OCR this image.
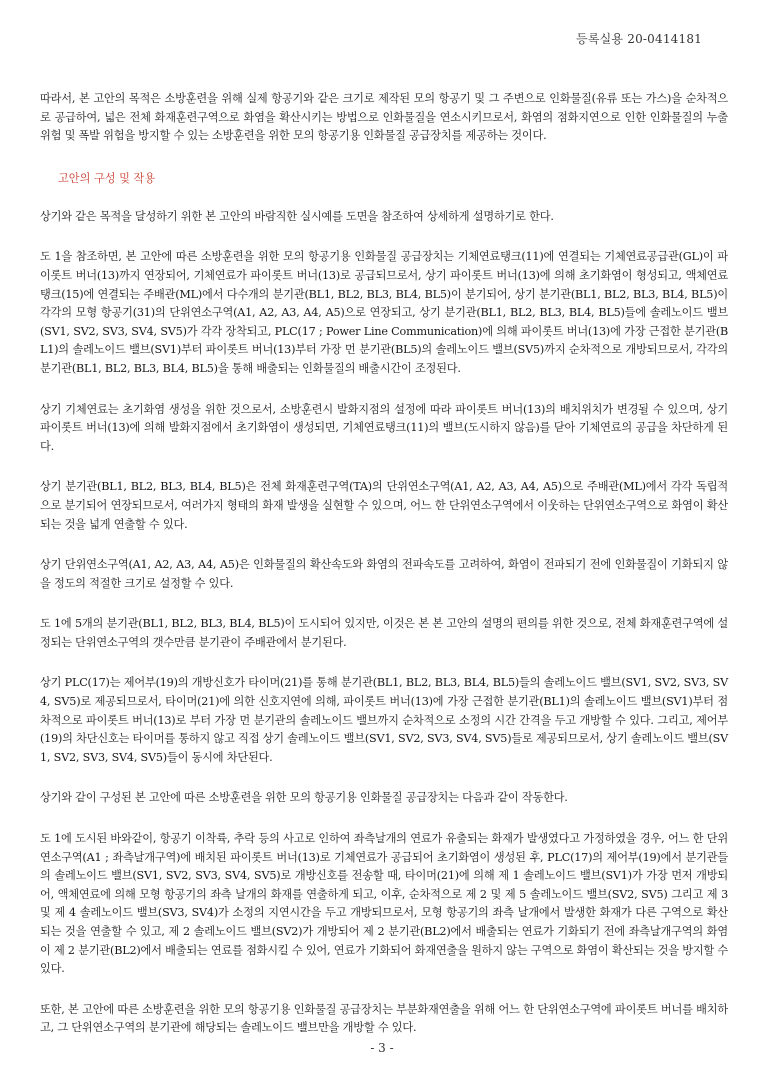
등록실용 20-0414181

따라서, 본 고안의 목적은 소방훈련을 위해 실제 항공기와 같은 크기로 제작된 모의 항공기 및 그 주변으로 인화물질(유류 또는 가스)을 순차적으로 공급하여, 넓은 전체 화재훈련구역으로 화염을 확산시키는 방법으로 인화물질을 연소시키므로서, 화염의 점화지연으로 인한 인화물질의 누출 위험 및 폭발 위험을 방지할 수 있는 소방훈련을 위한 모의 항공기용 인화물질 공급장치를 제공하는 것이다.

고안의 구성 및 작용

상기와 같은 목적을 달성하기 위한 본 고안의 바람직한 실시예를 도면을 참조하여 상세하게 설명하기로 한다.

도 1을 참조하면, 본 고안에 따른 소방훈련을 위한 모의 항공기용 인화물질 공급장치는 기체연료탱크(11)에 연결되는 기체연료공급관(GL)이 파이롯트 버너(13)까지 연장되어, 기체연료가 파이롯트 버너(13)로 공급되므로서, 상기 파이롯트 버너(13)에 의해 초기화염이 형성되고, 액체연료탱크(15)에 연결되는 주배관(ML)에서 다수개의 분기관(BL1, BL2, BL3, BL4, BL5)이 분기되어, 상기 분기관(BL1, BL2, BL3, BL4, BL5)이 각각의 모형 항공기(31)의 단위연소구역(A1, A2, A3, A4, A5)으로 연장되고, 상기 분기관(BL1, BL2, BL3, BL4, BL5)들에 솔레노이드 밸브(SV1, SV2, SV3, SV4, SV5)가 각각 장착되고, PLC(17 ; Power Line Communication)에 의해 파이롯트 버너(13)에 가장 근접한 분기관(BL1)의 솔레노이드 밸브(SV1)부터 파이롯트 버너(13)부터 가장 먼 분기관(BL5)의 솔레노이드 밸브(SV5)까지 순차적으로 개방되므로서, 각각의 분기관(BL1, BL2, BL3, BL4, BL5)을 통해 배출되는 인화물질의 배출시간이 조정된다.

상기 기체연료는 초기화염 생성을 위한 것으로서, 소방훈련시 발화지점의 설정에 따라 파이롯트 버너(13)의 배치위치가 변경될 수 있으며, 상기 파이롯트 버너(13)에 의해 발화지점에서 초기화염이 생성되면, 기체연료탱크(11)의 밸브(도시하지 않음)를 닫아 기체연료의 공급을 차단하게 된다.

상기 분기관(BL1, BL2, BL3, BL4, BL5)은 전체 화재훈련구역(TA)의 단위연소구역(A1, A2, A3, A4, A5)으로 주배관(ML)에서 각각 독립적으로 분기되어 연장되므로서, 여러가지 형태의 화재 발생을 실현할 수 있으며, 어느 한 단위연소구역에서 이웃하는 단위연소구역으로 화염이 확산되는 것을 넓게 연출할 수 있다.

상기 단위연소구역(A1, A2, A3, A4, A5)은 인화물질의 확산속도와 화염의 전파속도를 고려하여, 화염이 전파되기 전에 인화물질이 기화되지 않을 정도의 적절한 크기로 설정할 수 있다.

도 1에 5개의 분기관(BL1, BL2, BL3, BL4, BL5)이 도시되어 있지만, 이것은 본 본 고안의 설명의 편의를 위한 것으로, 전체 화재훈련구역에 설정되는 단위연소구역의 갯수만큼 분기관이 주배관에서 분기된다.

상기 PLC(17)는 제어부(19)의 개방신호가 타이머(21)를 통해 분기관(BL1, BL2, BL3, BL4, BL5)들의 솔레노이드 밸브(SV1, SV2, SV3, SV4, SV5)로 제공되므로서, 타이머(21)에 의한 신호지연에 의해, 파이롯트 버너(13)에 가장 근접한 분기관(BL1)의 솔레노이드 밸브(SV1)부터 점차적으로 파이롯트 버너(13)로 부터 가장 먼 분기관의 솔레노이드 밸브까지 순차적으로 소정의 시간 간격을 두고 개방할 수 있다. 그리고, 제어부(19)의 차단신호는 타이머를 통하지 않고 직접 상기 솔레노이드 밸브(SV1, SV2, SV3, SV4, SV5)들로 제공되므로서, 상기 솔레노이드 밸브(SV1, SV2, SV3, SV4, SV5)들이 동시에 차단된다.

상기와 같이 구성된 본 고안에 따른 소방훈련을 위한 모의 항공기용 인화물질 공급장치는 다음과 같이 작동한다.

도 1에 도시된 바와같이, 항공기 이착륙, 추락 등의 사고로 인하여 좌측날개의 연료가 유출되는 화재가 발생였다고 가정하였을 경우, 어느 한 단위연소구역(A1 ; 좌측날개구역)에 배치된 파이롯트 버너(13)로 기체연료가 공급되어 초기화염이 생성된 후, PLC(17)의 제어부(19)에서 분기관들의 솔레노이드 밸브(SV1, SV2, SV3, SV4, SV5)로 개방신호를 전송할 때, 타이머(21)에 의해 제 1 솔레노이드 밸브(SV1)가 가장 먼저 개방되어, 액체연료에 의해 모형 항공기의 좌측 날개의 화재를 연출하게 되고, 이후, 순차적으로 제 2 및 제 5 솔레노이드 밸브(SV2, SV5) 그리고 제 3 및 제 4 솔레노이드 밸브(SV3, SV4)가 소정의 지연시간을 두고 개방되므로서, 모형 항공기의 좌측 날개에서 발생한 화재가 다른 구역으로 확산되는 것을 연출할 수 있고, 제 2 솔레노이드 밸브(SV2)가 개방되어 제 2 분기관(BL2)에서 배출되는 연료가 기화되기 전에 좌측날개구역의 화염이 제 2 분기관(BL2)에서 배출되는 연료를 점화시킬 수 있어, 연료가 기화되어 화재연출을 원하지 않는 구역으로 화염이 확산되는 것을 방지할 수 있다.

또한, 본 고안에 따른 소방훈련을 위한 모의 항공기용 인화물질 공급장치는 부분화재연출을 위해 어느 한 단위연소구역에 파이롯트 버너를 배치하고, 그 단위연소구역의 분기관에 해당되는 솔레노이드 밸브만을 개방할 수 있다.

- 3 -
